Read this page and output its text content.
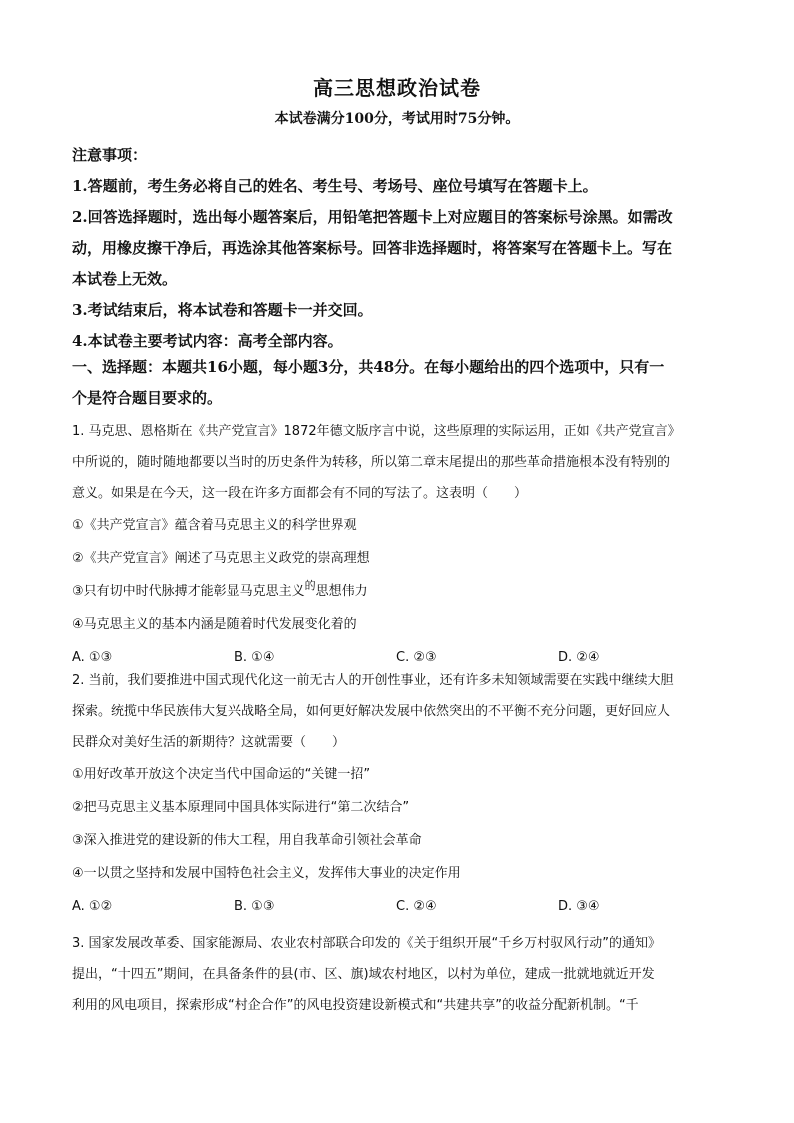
高三思想政治试卷
本试卷满分100分，考试用时75分钟。

注意事项：

1.答题前，考生务必将自己的姓名、考生号、考场号、座位号填写在答题卡上。

2.回答选择题时，选出每小题答案后，用铅笔把答题卡上对应题目的答案标号涂黑。如需改

动，用橡皮擦干净后，再选涂其他答案标号。回答非选择题时，将答案写在答题卡上。写在

本试卷上无效。

3.考试结束后，将本试卷和答题卡一并交回。

4.本试卷主要考试内容：高考全部内容。

一、选择题：本题共16小题，每小题3分，共48分。在每小题给出的四个选项中，只有一

个是符合题目要求的。

1. 马克思、恩格斯在《共产党宣言》1872年德文版序言中说，这些原理的实际运用，正如《共产党宣言》

中所说的，随时随地都要以当时的历史条件为转移，所以第二章末尾提出的那些革命措施根本没有特别的

意义。如果是在今天，这一段在许多方面都会有不同的写法了。这表明（　　）

①《共产党宣言》蕴含着马克思主义的科学世界观

②《共产党宣言》阐述了马克思主义政党的崇高理想

③只有切中时代脉搏才能彰显马克思主义$^的$思想伟力

④马克思主义的基本内涵是随着时代发展变化着的

A. ①③	B. ①④	C. ②③	D. ②④

2. 当前，我们要推进中国式现代化这一前无古人的开创性事业，还有许多未知领域需要在实践中继续大胆

探索。统揽中华民族伟大复兴战略全局，如何更好解决发展中依然突出的不平衡不充分问题，更好回应人

民群众对美好生活的新期待？这就需要（　　）

①用好改革开放这个决定当代中国命运的“关键一招”

②把马克思主义基本原理同中国具体实际进行“第二次结合”

③深入推进党的建设新的伟大工程，用自我革命引领社会革命

④一以贯之坚持和发展中国特色社会主义，发挥伟大事业的决定作用

A. ①②	B. ①③	C. ②④	D. ③④

3. 国家发展改革委、国家能源局、农业农村部联合印发的《关于组织开展“千乡万村驭风行动”的通知》

提出，“十四五”期间，在具备条件的县(市、区、旗)域农村地区，以村为单位，建成一批就地就近开发

利用的风电项目，探索形成“村企合作”的风电投资建设新模式和“共建共享”的收益分配新机制。“千
